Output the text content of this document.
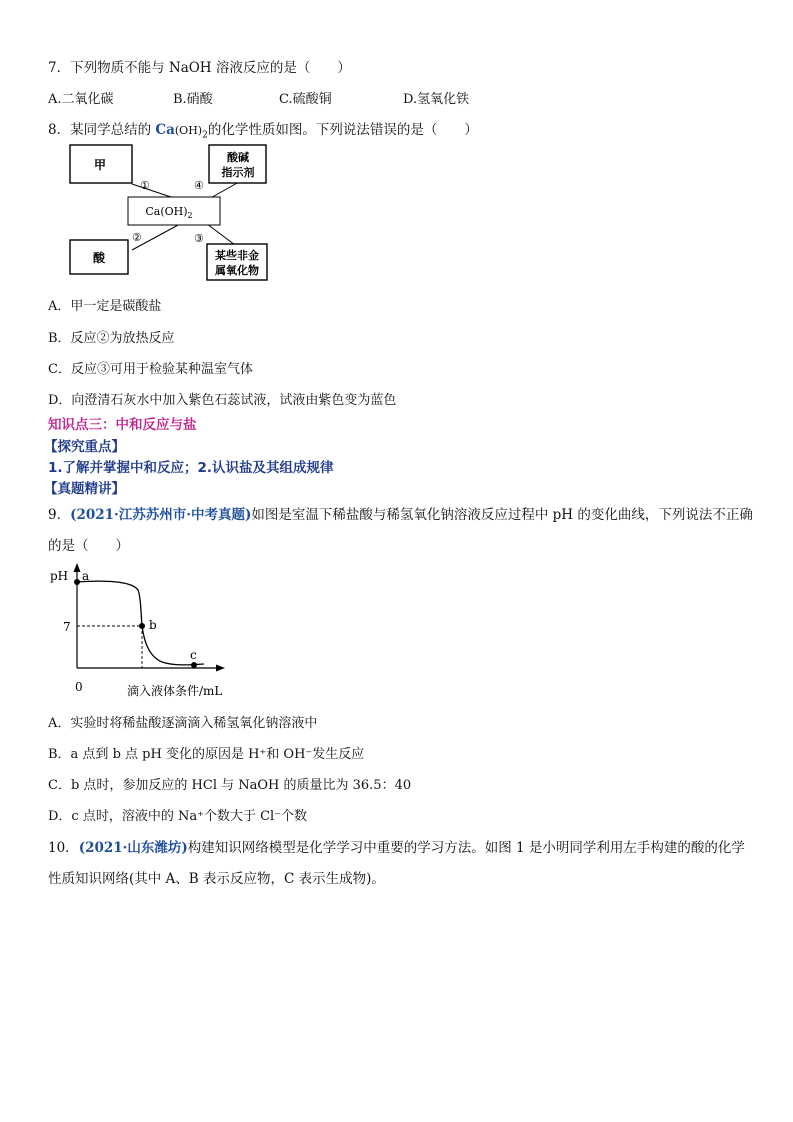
7．下列物质不能与 NaOH 溶液反应的是（　　）
A.二氧化碳	B.硝酸	C.硫酸铜	D.氢氧化铁
8．某同学总结的 $Ca(OH)_2$的化学性质如图。下列说法错误的是（　　）
甲
酸碱
指示剂
$Ca(OH)_2$
酸	某些非金
属氧化物
①	④
②	③
A．甲一定是碳酸盐
B．反应②为放热反应
C．反应③可用于检验某种温室气体
D．向澄清石灰水中加入紫色石蕊试液，试液由紫色变为蓝色
知识点三：中和反应与盐
【探究重点】
1.了解并掌握中和反应；2.认识盐及其组成规律
【真题精讲】
9．(2021·江苏苏州市·中考真题)如图是室温下稀盐酸与稀氢氧化钠溶液反应过程中 pH 的变化曲线，下列说法不正确
的是（　　）
pH a
b
c
7
0	滴入液体条件/mL
A．实验时将稀盐酸逐滴滴入稀氢氧化钠溶液中
B．a 点到 b 点 pH 变化的原因是 H⁺和 OH⁻发生反应
C．b 点时，参加反应的 HCl 与 NaOH 的质量比为 36.5：40
D．c 点时，溶液中的 Na⁺个数大于 Cl⁻个数
10．(2021·山东潍坊)构建知识网络模型是化学学习中重要的学习方法。如图 1 是小明同学利用左手构建的酸的化学
性质知识网络(其中 A、B 表示反应物，C 表示生成物)。
